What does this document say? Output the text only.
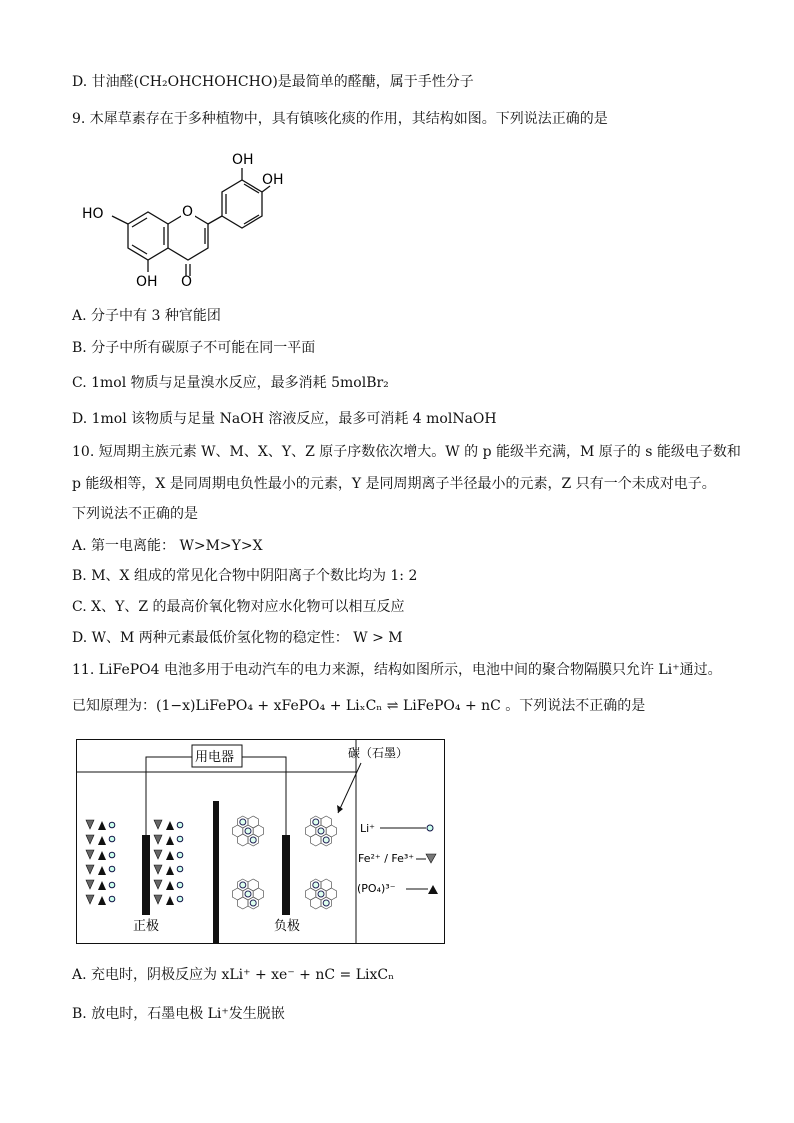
D. 甘油醛(CH₂OHCHOHCHO)是最简单的醛醣，属于手性分子
9. 木犀草素存在于多种植物中，具有镇咳化痰的作用，其结构如图。下列说法正确的是
O
OH
OH
HO
OH O
A. 分子中有 3 种官能团
B. 分子中所有碳原子不可能在同一平面
C. 1mol 物质与足量溴水反应，最多消耗 5molBr₂
D. 1mol 该物质与足量 NaOH 溶液反应，最多可消耗 4 molNaOH
10. 短周期主族元素 W、M、X、Y、Z 原子序数依次增大。W 的 p 能级半充满，M 原子的 s 能级电子数和
p 能级相等，X 是同周期电负性最小的元素，Y 是同周期离子半径最小的元素，Z 只有一个未成对电子。
下列说法不正确的是
A. 第一电离能： W>M>Y>X
B. M、X 组成的常见化合物中阴阳离子个数比均为 1: 2
C. X、Y、Z 的最高价氧化物对应水化物可以相互反应
D. W、M 两种元素最低价氢化物的稳定性： W > M
11. LiFePO4 电池多用于电动汽车的电力来源，结构如图所示，电池中间的聚合物隔膜只允许 Li⁺通过。
已知原理为：(1−x)LiFePO₄ + xFePO₄ + LiₓCₙ ⇌ LiFePO₄ + nC 。下列说法不正确的是
用电器	碳（石墨）
正极	负极
Li⁺
Fe²⁺ / Fe³⁺
(PO₄)³⁻
A. 充电时，阴极反应为 xLi⁺ + xe⁻ + nC = LixCₙ
B. 放电时，石墨电极 Li⁺发生脱嵌
